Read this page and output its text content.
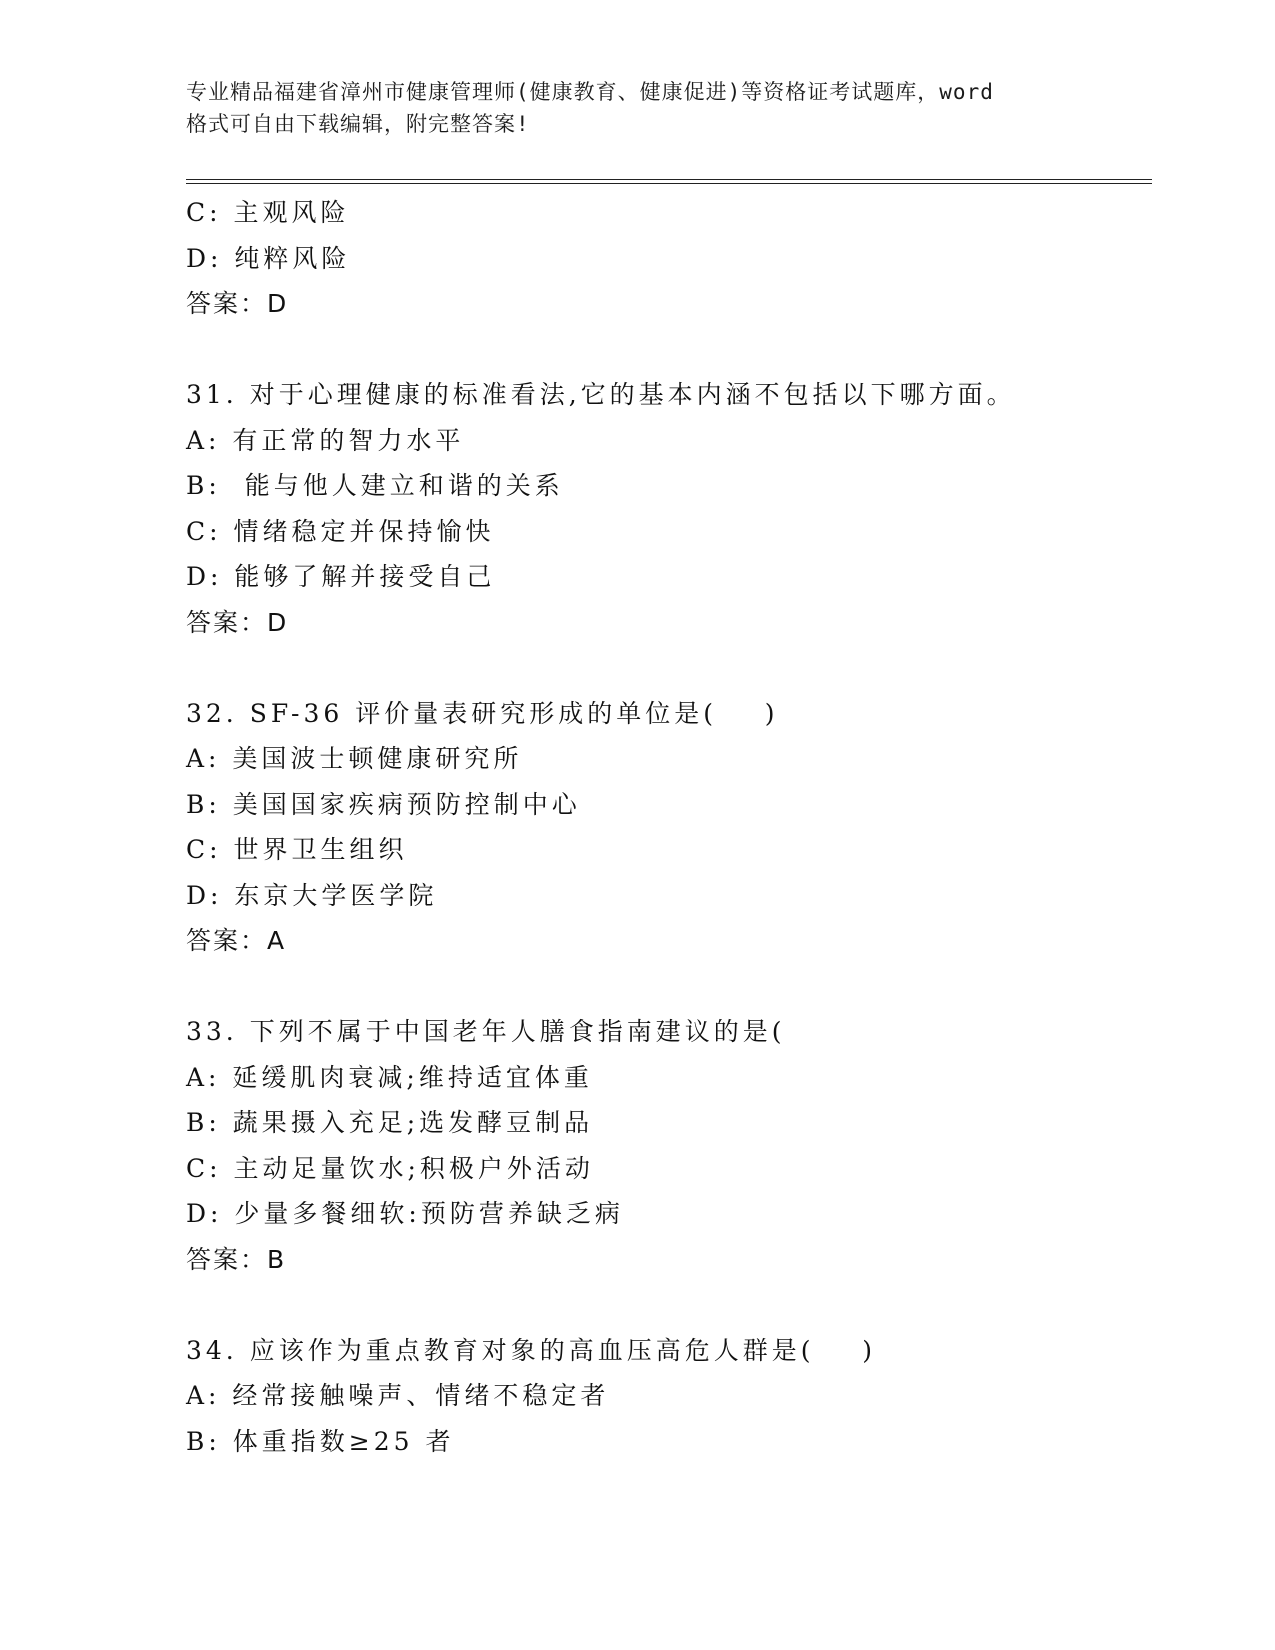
专业精品福建省漳州市健康管理师(健康教育、健康促进)等资格证考试题库，word
格式可自由下载编辑，附完整答案!
C: 主观风险
D: 纯粹风险
答案：D
31. 对于心理健康的标准看法,它的基本内涵不包括以下哪方面。
A: 有正常的智力水平
B:  能与他人建立和谐的关系
C: 情绪稳定并保持愉快
D: 能够了解并接受自己
答案：D
32. SF-36 评价量表研究形成的单位是(    )
A: 美国波士顿健康研究所
B: 美国国家疾病预防控制中心
C: 世界卫生组织
D: 东京大学医学院
答案：A
33. 下列不属于中国老年人膳食指南建议的是(
A: 延缓肌肉衰减;维持适宜体重
B: 蔬果摄入充足;选发酵豆制品
C: 主动足量饮水;积极户外活动
D: 少量多餐细软:预防营养缺乏病
答案：B
34. 应该作为重点教育对象的高血压高危人群是(    )
A: 经常接触噪声、情绪不稳定者
B: 体重指数≥25 者
